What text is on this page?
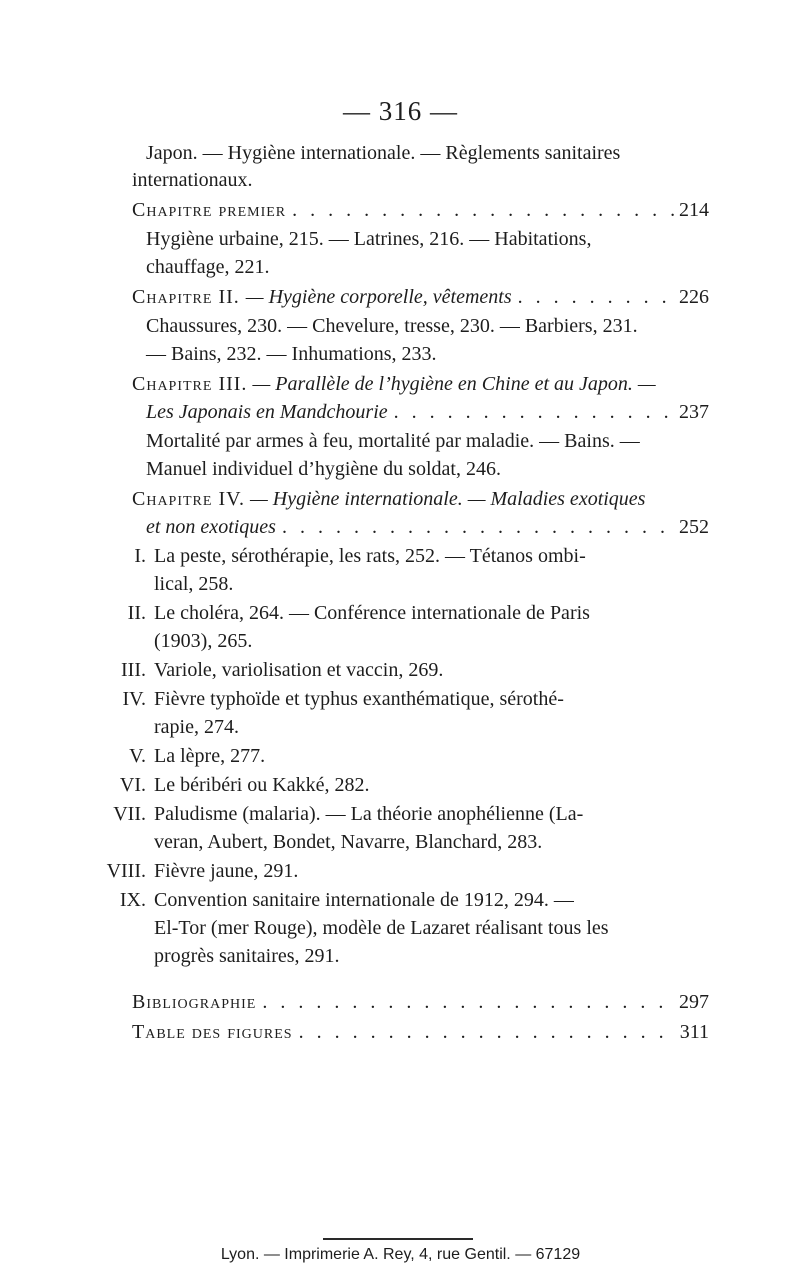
— 316 —
Japon. — Hygiène internationale. — Règlements sanitaires
internationaux.
Chapitre premier . . .	214
Hygiène urbaine, 215. — Latrines, 216. — Habitations,
chauffage, 221.
Chapitre II. — Hygiène corporelle, vêtements . . .	226
Chaussures, 230. — Chevelure, tresse, 230. — Barbiers, 231.
— Bains, 232. — Inhumations, 233.
Chapitre III. — Parallèle de l’hygiène en Chine et au Japon. —
Les Japonais en Mandchourie . . .	237
Mortalité par armes à feu, mortalité par maladie. — Bains. —
Manuel individuel d’hygiène du soldat, 246.
Chapitre IV. — Hygiène internationale. — Maladies exotiques
et non exotiques . . .	252
I. La peste, sérothérapie, les rats, 252. — Tétanos ombi-
lical, 258.
II. Le choléra, 264. — Conférence internationale de Paris
(1903), 265.
III. Variole, variolisation et vaccin, 269.
IV. Fièvre typhoïde et typhus exanthématique, sérothé-
rapie, 274.
V. La lèpre, 277.
VI. Le béribéri ou Kakké, 282.
VII. Paludisme (malaria). — La théorie anophélienne (La-
veran, Aubert, Bondet, Navarre, Blanchard, 283.
VIII. Fièvre jaune, 291.
IX. Convention sanitaire internationale de 1912, 294. —
El-Tor (mer Rouge), modèle de Lazaret réalisant tous les
progrès sanitaires, 291.
Bibliographie . . .	297
Table des figures . . .	311
Lyon. — Imprimerie A. Rey, 4, rue Gentil. — 67129
